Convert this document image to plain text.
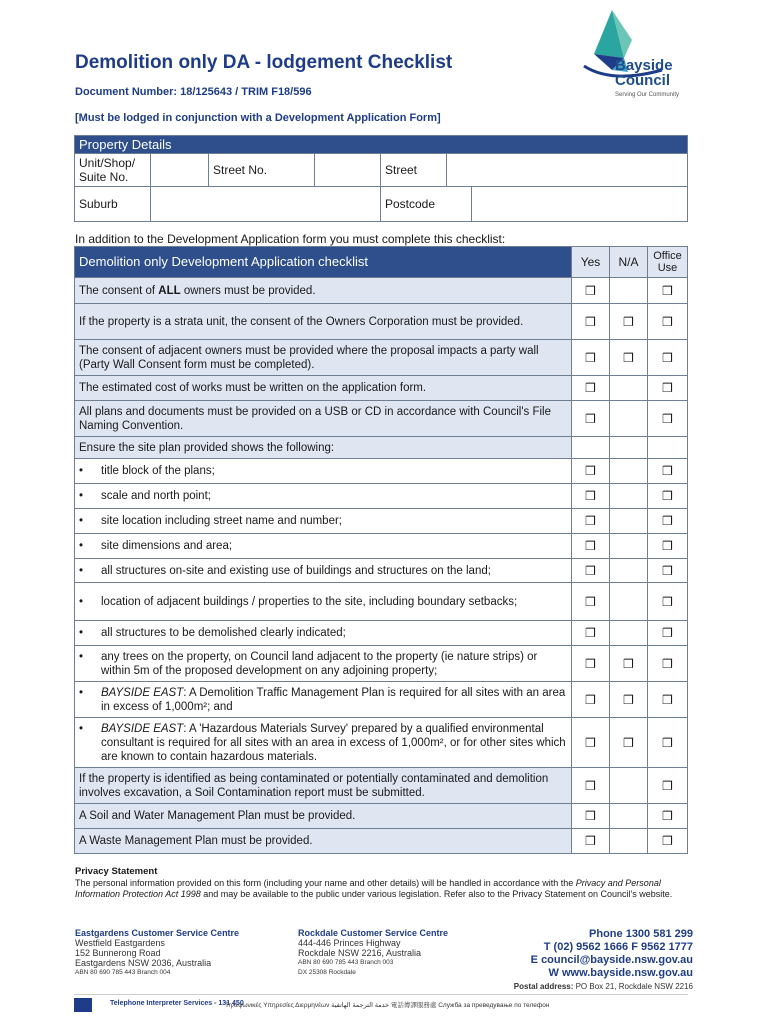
Demolition only DA - lodgement Checklist
Document Number: 18/125643 / TRIM F18/596
[Must be lodged in conjunction with a Development Application Form]
Bayside
Council
Serving Our Community
Property Details

Unit/Shop/
Suite No.		Street No.		Street	
Suburb			Postcode	
In addition to the Development Application form you must complete this checklist:
Demolition only Development Application checklist	Yes	N/A	Office
Use

The consent of ALL owners must be provided.	❒		❒
If the property is a strata unit, the consent of the Owners Corporation must be provided.	❒	❒	❒
The consent of adjacent owners must be provided where the proposal impacts a party wall (Party Wall Consent form must be completed).	❒	❒	❒
The estimated cost of works must be written on the application form.	❒		❒
All plans and documents must be provided on a USB or CD in accordance with Council's File Naming Convention.	❒		❒
Ensure the site plan provided shows the following:			

• title block of the plans;	❒		❒

• scale and north point;	❒		❒

• site location including street name and number;	❒		❒

• site dimensions and area;	❒		❒

• all structures on-site and existing use of buildings and structures on the land;	❒		❒

• location of adjacent buildings / properties to the site, including boundary setbacks;	❒		❒

• all structures to be demolished clearly indicated;	❒		❒

• any trees on the property, on Council land adjacent to the property (ie nature strips) or within 5m of the proposed development on any adjoining property;	❒	❒	❒

• BAYSIDE EAST: A Demolition Traffic Management Plan is required for all sites with an area in excess of 1,000m²; and	❒	❒	❒

• BAYSIDE EAST: A 'Hazardous Materials Survey' prepared by a qualified environmental consultant is required for all sites with an area in excess of 1,000m², or for other sites which are known to contain hazardous materials.	❒	❒	❒
If the property is identified as being contaminated or potentially contaminated and demolition involves excavation, a Soil Contamination report must be submitted.	❒		❒
A Soil and Water Management Plan must be provided.	❒		❒
A Waste Management Plan must be provided.	❒		❒
Privacy Statement
The personal information provided on this form (including your name and other details) will be handled in accordance with the Privacy and Personal Information Protection Act 1998 and may be available to the public under various legislation. Refer also to the Privacy Statement on Council's website.
Eastgardens Customer Service Centre
Westfield Eastgardens
152 Bunnerong Road
Eastgardens NSW 2036, Australia
ABN 80 690 785 443 Branch 004
Rockdale Customer Service Centre
444-446 Princes Highway
Rockdale NSW 2216, Australia
ABN 80 690 785 443 Branch 003
DX 25308 Rockdale
Phone 1300 581 299
T (02) 9562 1666 F 9562 1777
E council@bayside.nsw.gov.au
W www.bayside.nsw.gov.au
Postal address: PO Box 21, Rockdale NSW 2216
Telephone Interpreter Services - 131 450
Τηλεφωνικές Υπηρεσίες Διερμηνέων خدمة الترجمة الهاتفية 電話傳譯服務處 Служба за преведување по телефон
